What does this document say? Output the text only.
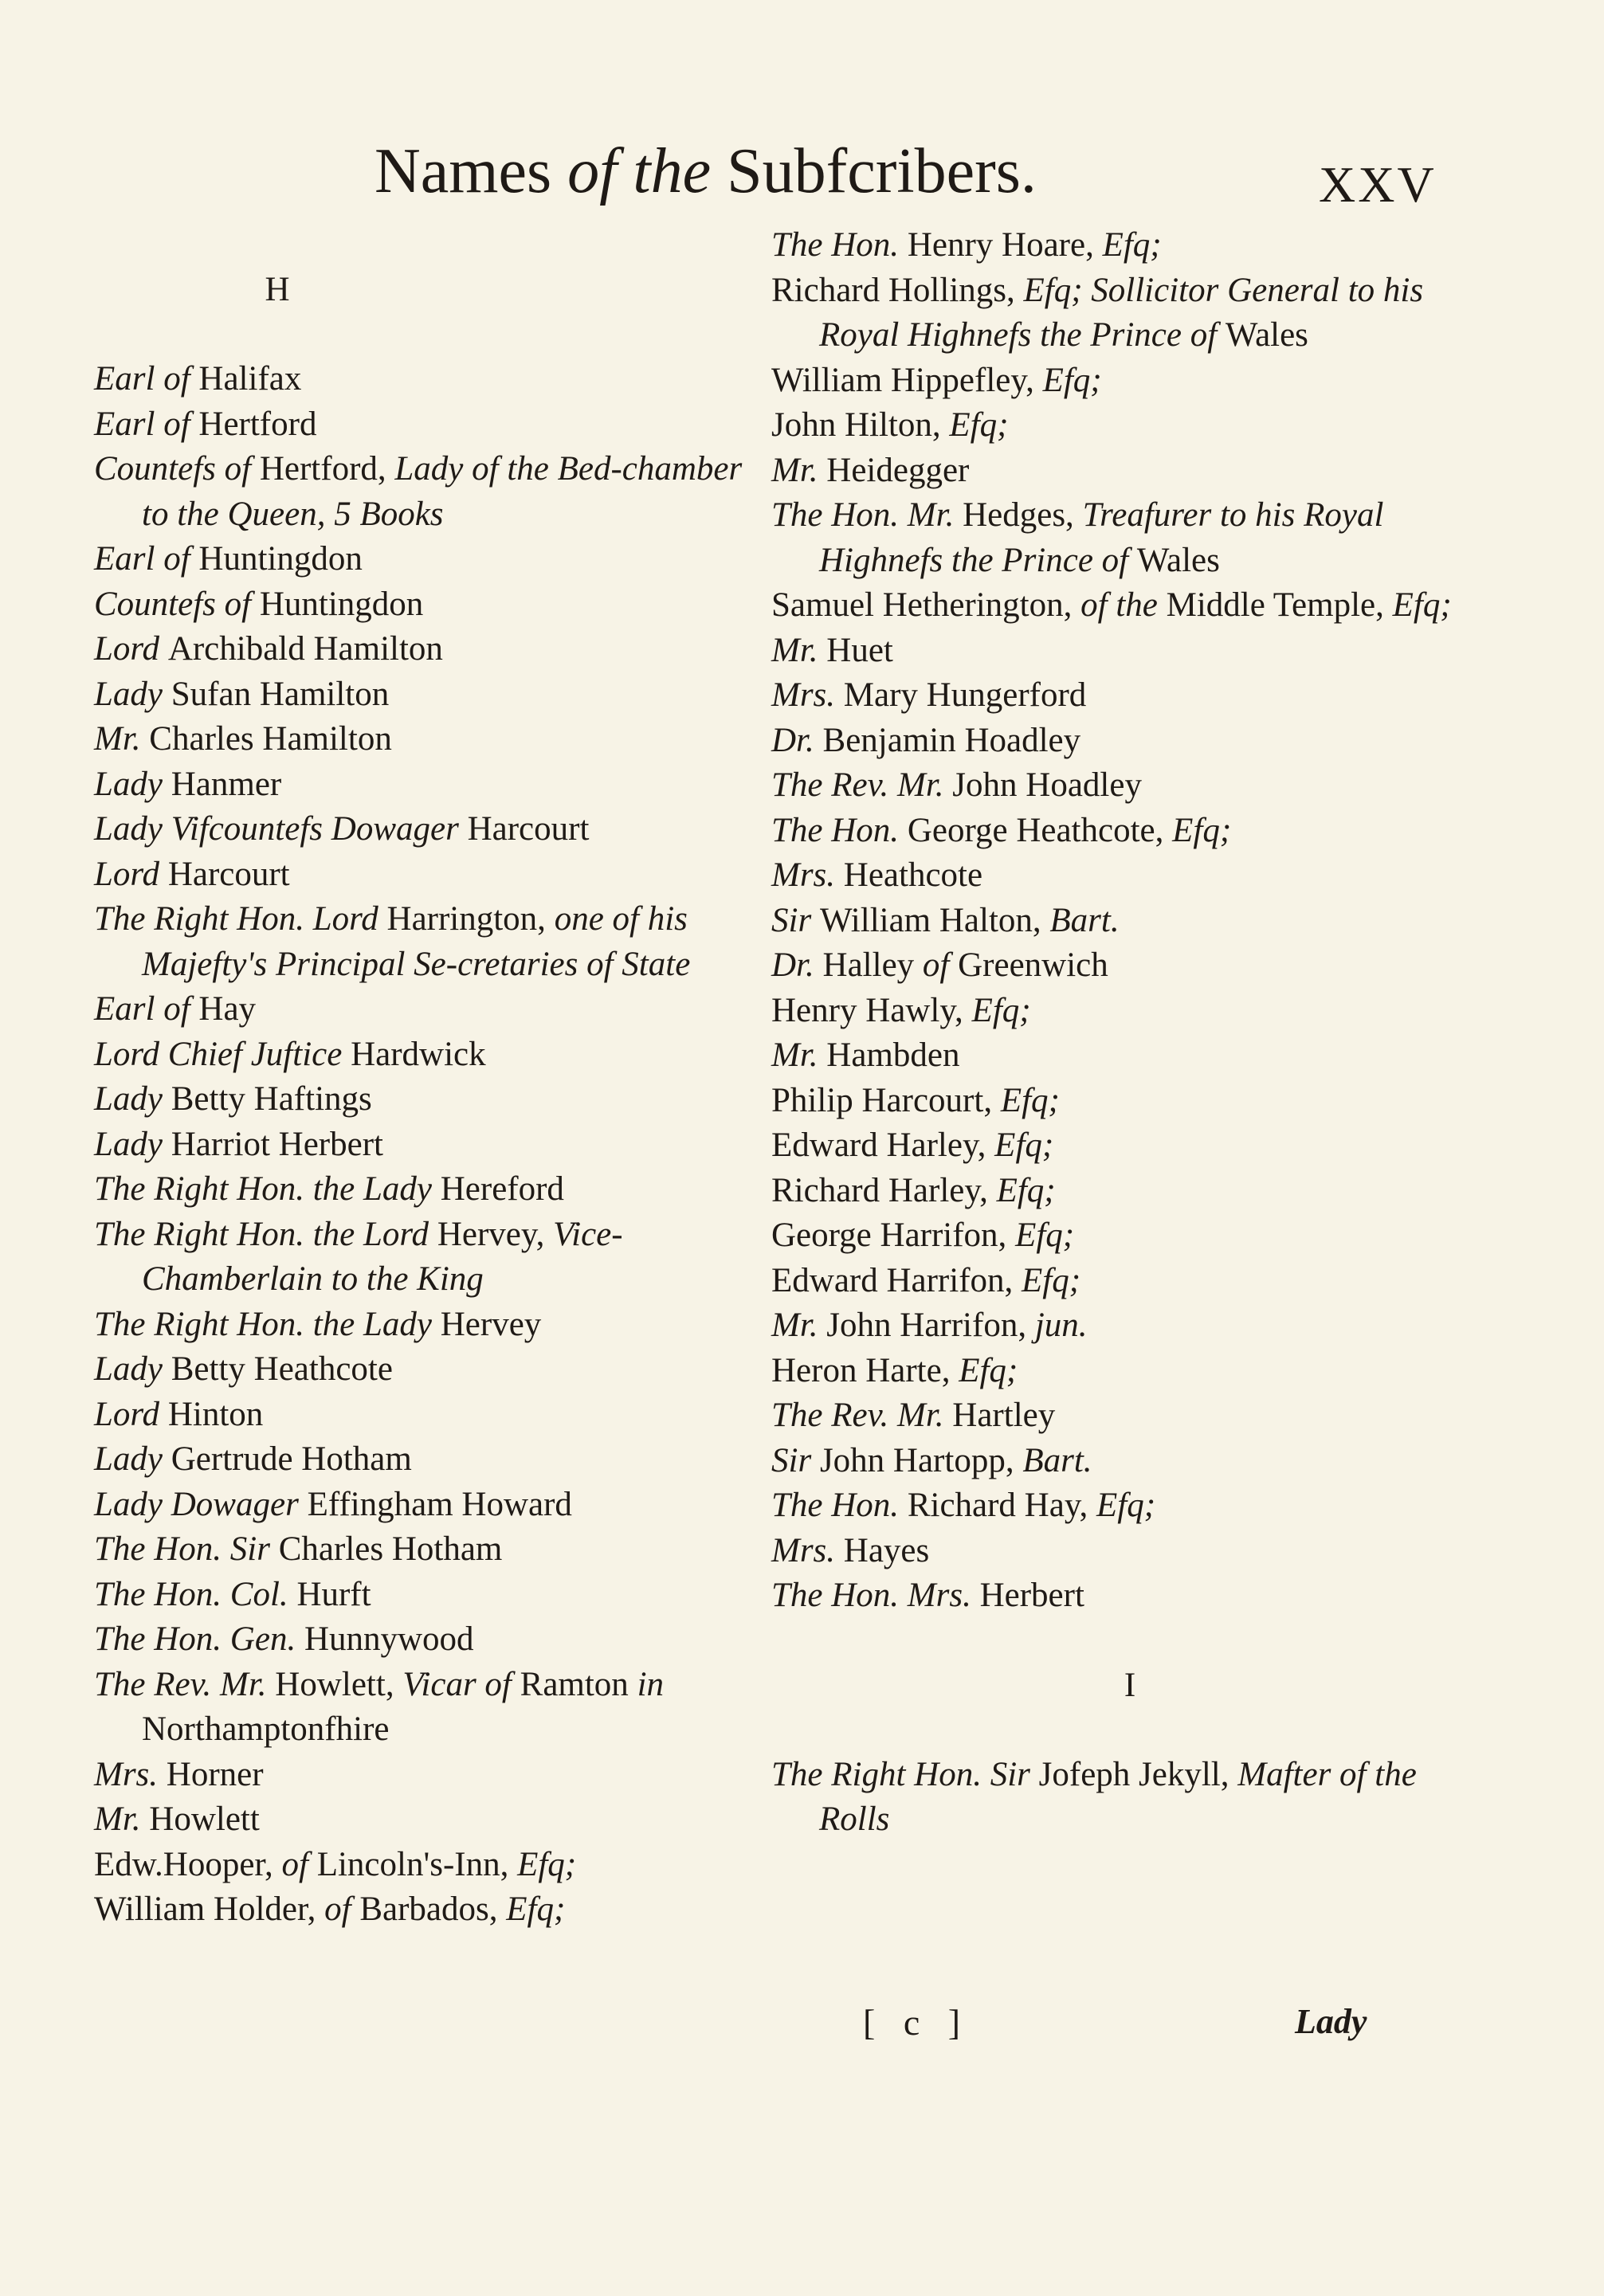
Names of the Subfcribers.	XXV
H
Earl of Halifax
Earl of Hertford
Countefs of Hertford, Lady of the Bed-chamber to the Queen, 5 Books
Earl of Huntingdon
Countefs of Huntingdon
Lord Archibald Hamilton
Lady Sufan Hamilton
Mr. Charles Hamilton
Lady Hanmer
Lady Vifcountefs Dowager Harcourt
Lord Harcourt
The Right Hon. Lord Harrington, one of his Majefty's Principal Se-cretaries of State
Earl of Hay
Lord Chief Juftice Hardwick
Lady Betty Haftings
Lady Harriot Herbert
The Right Hon. the Lady Hereford
The Right Hon. the Lord Hervey, Vice-Chamberlain to the King
The Right Hon. the Lady Hervey
Lady Betty Heathcote
Lord Hinton
Lady Gertrude Hotham
Lady Dowager Effingham Howard
The Hon. Sir Charles Hotham
The Hon. Col. Hurft
The Hon. Gen. Hunnywood
The Rev. Mr. Howlett, Vicar of Ramton in Northamptonfhire
Mrs. Horner
Mr. Howlett
Edw.Hooper, of Lincoln's-Inn, Efq;
William Holder, of Barbados, Efq;
The Hon. Henry Hoare, Efq;
Richard Hollings, Efq; Sollicitor General to his Royal Highnefs the Prince of Wales
William Hippefley, Efq;
John Hilton, Efq;
Mr. Heidegger
The Hon. Mr. Hedges, Treafurer to his Royal Highnefs the Prince of Wales
Samuel Hetherington, of the Middle Temple, Efq;
Mr. Huet
Mrs. Mary Hungerford
Dr. Benjamin Hoadley
The Rev. Mr. John Hoadley
The Hon. George Heathcote, Efq;
Mrs. Heathcote
Sir William Halton, Bart.
Dr. Halley of Greenwich
Henry Hawly, Efq;
Mr. Hambden
Philip Harcourt, Efq;
Edward Harley, Efq;
Richard Harley, Efq;
George Harrifon, Efq;
Edward Harrifon, Efq;
Mr. John Harrifon, jun.
Heron Harte, Efq;
The Rev. Mr. Hartley
Sir John Hartopp, Bart.
The Hon. Richard Hay, Efq;
Mrs. Hayes
The Hon. Mrs. Herbert
I
The Right Hon. Sir Jofeph Jekyll, Mafter of the Rolls
[ c ]	Lady
